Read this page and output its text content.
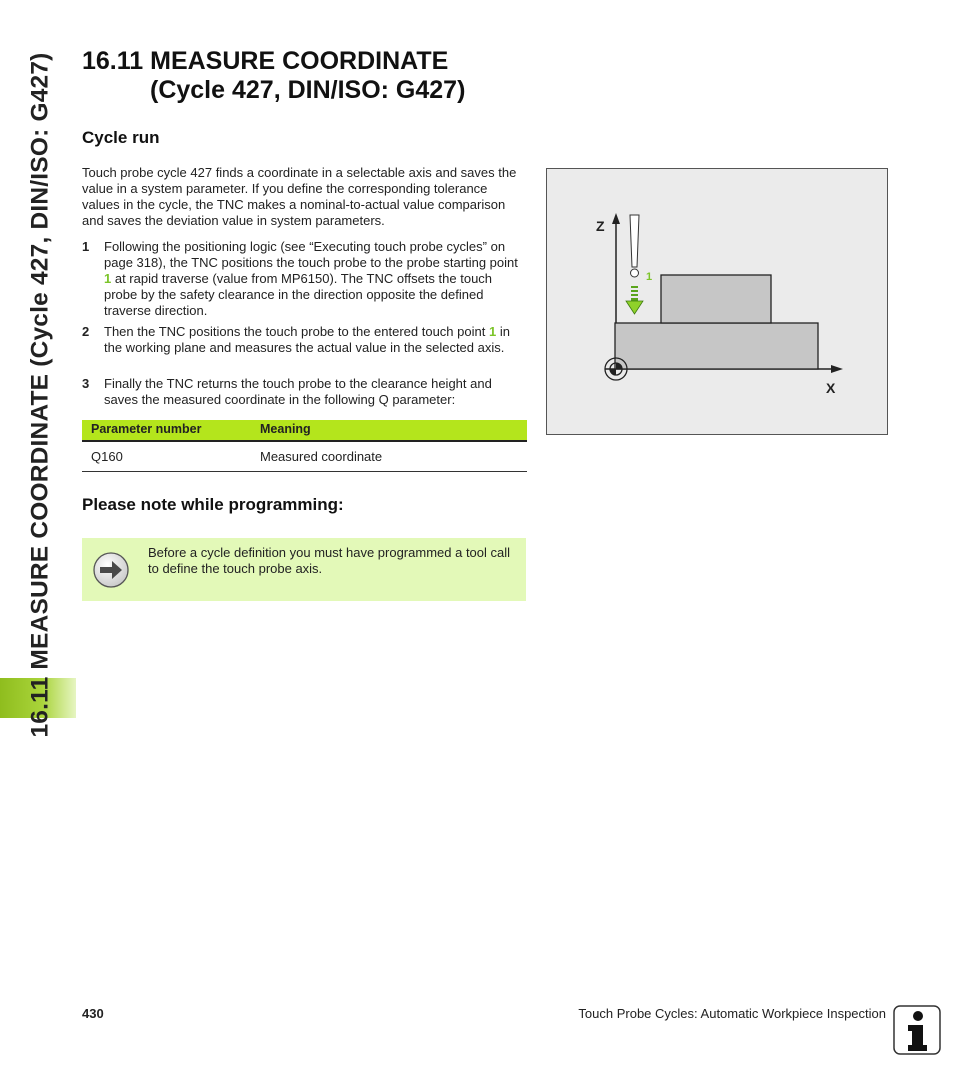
16.11 MEASURE COORDINATE (Cycle 427, DIN/ISO: G427) 16.11 MEASURE COORDINATE
(Cycle 427, DIN/ISO: G427)
Cycle run
Touch probe cycle 427 finds a coordinate in a selectable axis and saves the value in a system parameter. If you define the corresponding tolerance values in the cycle, the TNC makes a nominal-to-actual value comparison and saves the deviation value in system parameters.
1 Following the positioning logic (see “Executing touch probe cycles” on page 318), the TNC positions the touch probe to the probe starting point 1 at rapid traverse (value from MP6150). The TNC offsets the touch probe by the safety clearance in the direction opposite the defined traverse direction.
2 Then the TNC positions the touch probe to the entered touch point 1 in the working plane and measures the actual value in the selected axis.
3 Finally the TNC returns the touch probe to the clearance height and saves the measured coordinate in the following Q parameter:
Parameter number	Meaning
Q160	Measured coordinate
Please note while programming:
Before a cycle definition you must have programmed a tool call to define the touch probe axis.
Z
X
1
430	Touch Probe Cycles: Automatic Workpiece Inspection
